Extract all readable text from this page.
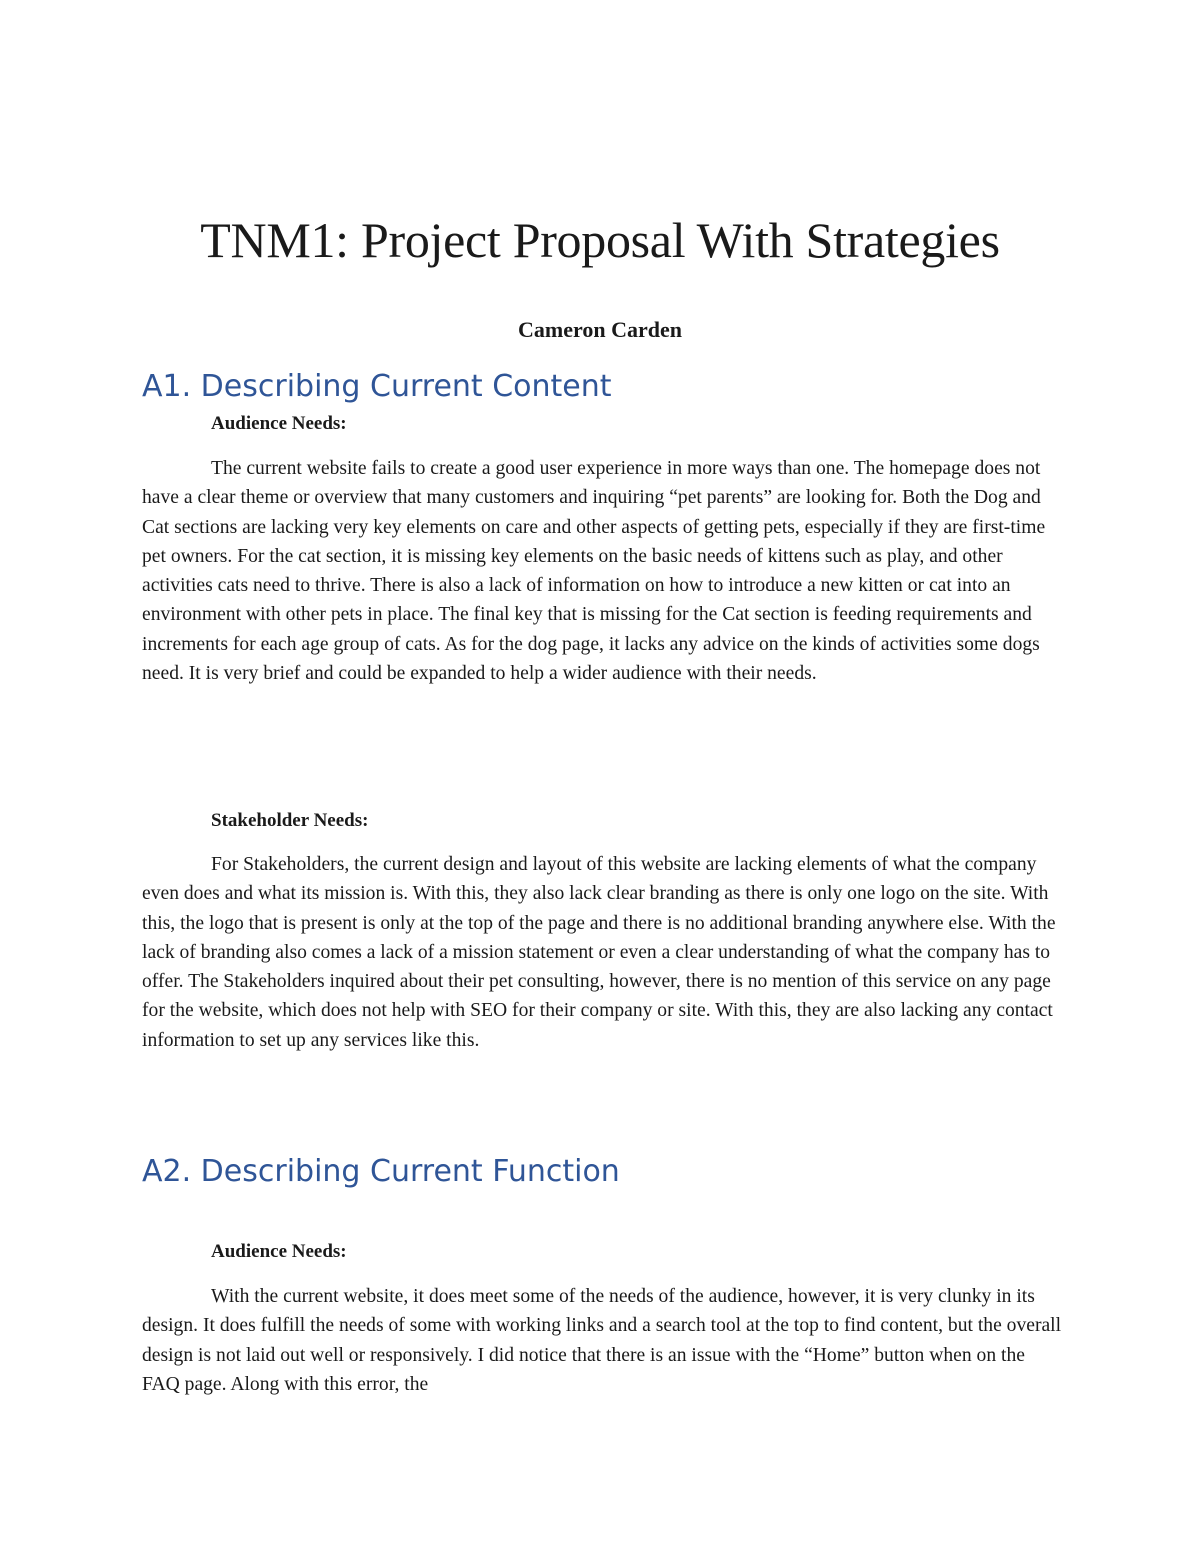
TNM1: Project Proposal With Strategies

Cameron Carden

A1. Describing Current Content

Audience Needs:

The current website fails to create a good user experience in more ways than one. The homepage does not have a clear theme or overview that many customers and inquiring “pet parents” are looking for. Both the Dog and Cat sections are lacking very key elements on care and other aspects of getting pets, especially if they are first-time pet owners. For the cat section, it is missing key elements on the basic needs of kittens such as play, and other activities cats need to thrive. There is also a lack of information on how to introduce a new kitten or cat into an environment with other pets in place. The final key that is missing for the Cat section is feeding requirements and increments for each age group of cats. As for the dog page, it lacks any advice on the kinds of activities some dogs need. It is very brief and could be expanded to help a wider audience with their needs.

Stakeholder Needs:

For Stakeholders, the current design and layout of this website are lacking elements of what the company even does and what its mission is. With this, they also lack clear branding as there is only one logo on the site. With this, the logo that is present is only at the top of the page and there is no additional branding anywhere else. With the lack of branding also comes a lack of a mission statement or even a clear understanding of what the company has to offer. The Stakeholders inquired about their pet consulting, however, there is no mention of this service on any page for the website, which does not help with SEO for their company or site. With this, they are also lacking any contact information to set up any services like this.

A2. Describing Current Function

Audience Needs:

With the current website, it does meet some of the needs of the audience, however, it is very clunky in its design. It does fulfill the needs of some with working links and a search tool at the top to find content, but the overall design is not laid out well or responsively. I did notice that there is an issue with the “Home” button when on the FAQ page. Along with this error, the
